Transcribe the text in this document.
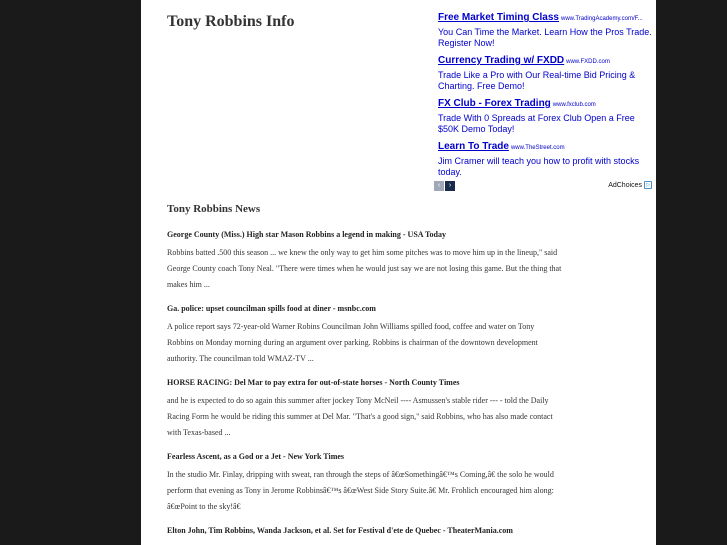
Tony Robbins Info	Free Market Timing Class www.TradingAcademy.com/F...
You Can Time the Market. Learn How the Pros Trade. Register Now!
Currency Trading w/ FXDD www.FXDD.com
Trade Like a Pro with Our Real-time Bid Pricing & Charting. Free Demo!
FX Club - Forex Trading www.fxclub.com
Trade With 0 Spreads at Forex Club Open a Free $50K Demo Today!
Learn To Trade www.TheStreet.com
Jim Cramer will teach you how to profit with stocks today.
‹ ›	AdChoices ▷
Tony Robbins News
George County (Miss.) High star Mason Robbins a legend in making - USA Today
Robbins batted .500 this season ... we knew the only way to get him some pitches was to move him up in the lineup," said George County coach Tony Neal. "There were times when he would just say we are not losing this game. But the thing that makes him ...
Ga. police: upset councilman spills food at diner - msnbc.com
A police report says 72-year-old Warner Robins Councilman John Williams spilled food, coffee and water on Tony Robbins on Monday morning during an argument over parking. Robbins is chairman of the downtown development authority. The councilman told WMAZ-TV ...
HORSE RACING: Del Mar to pay extra for out-of-state horses - North County Times
and he is expected to do so again this summer after jockey Tony McNeil ---- Asmussen's stable rider --- - told the Daily Racing Form he would be riding this summer at Del Mar. "That's a good sign," said Robbins, who has also made contact with Texas-based ...
Fearless Ascent, as a God or a Jet - New York Times
In the studio Mr. Finlay, dripping with sweat, ran through the steps of â€œSomethingâ€™s Coming,â€ the solo he would perform that evening as Tony in Jerome Robbinsâ€™s â€œWest Side Story Suite.â€ Mr. Frohlich encouraged him along: â€œPoint to the sky!â€
Elton John, Tim Robbins, Wanda Jackson, et al. Set for Festival d'ete de Quebec - TheaterMania.com
